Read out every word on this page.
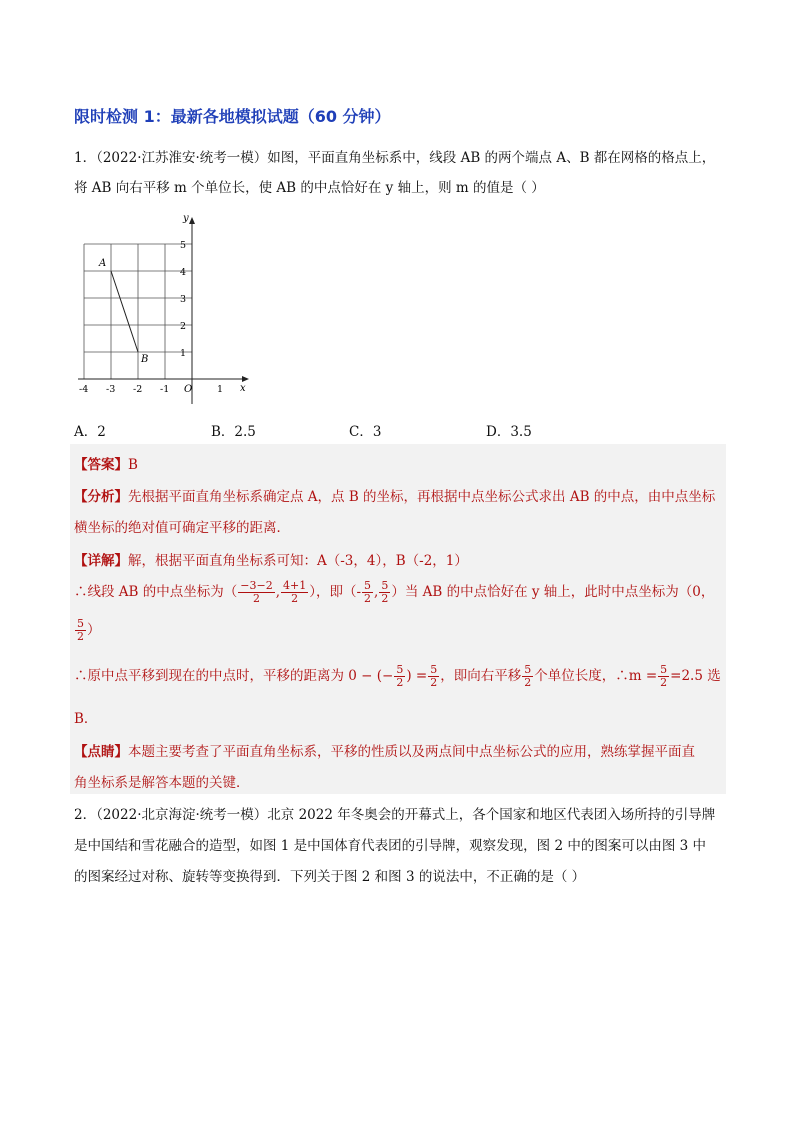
限时检测 1：最新各地模拟试题（60 分钟）
1．（2022·江苏淮安·统考一模）如图，平面直角坐标系中，线段 AB 的两个端点 A、B 都在网格的格点上，
将 AB 向右平移 m 个单位长，使 AB 的中点恰好在 y 轴上，则 m 的值是（ ）
y
x
O
A
B
-4 -3 -2 -1	1
1
2
3
4
5
A．2	B．2.5	C．3	D．3.5
【答案】B
【分析】先根据平面直角坐标系确定点 A，点 B 的坐标，再根据中点坐标公式求出 AB 的中点，由中点坐标
横坐标的绝对值可确定平移的距离．
【详解】解，根据平面直角坐标系可知：A（-3，4），B（-2，1）
∴线段 AB 的中点坐标为（ $\frac{-3-2}{2}$ , $\frac{4+1}{2}$ ），即（- $\frac{5}{2}$ , $\frac{5}{2}$ ）当 AB 的中点恰好在 y 轴上，此时中点坐标为（0，
$\frac{5}{2}$ ）
∴原中点平移到现在的中点时，平移的距离为 0 − (− $\frac{5}{2}$ ) = $\frac{5}{2}$ ，即向右平移 $\frac{5}{2}$ 个单位长度，∴m = $\frac{5}{2} =2.5$ 选
B．
【点睛】本题主要考查了平面直角坐标系，平移的性质以及两点间中点坐标公式的应用，熟练掌握平面直
角坐标系是解答本题的关键．
2．（2022·北京海淀·统考一模）北京 2022 年冬奥会的开幕式上，各个国家和地区代表团入场所持的引导牌
是中国结和雪花融合的造型，如图 1 是中国体育代表团的引导牌，观察发现，图 2 中的图案可以由图 3 中
的图案经过对称、旋转等变换得到．下列关于图 2 和图 3 的说法中，不正确的是（ ）
